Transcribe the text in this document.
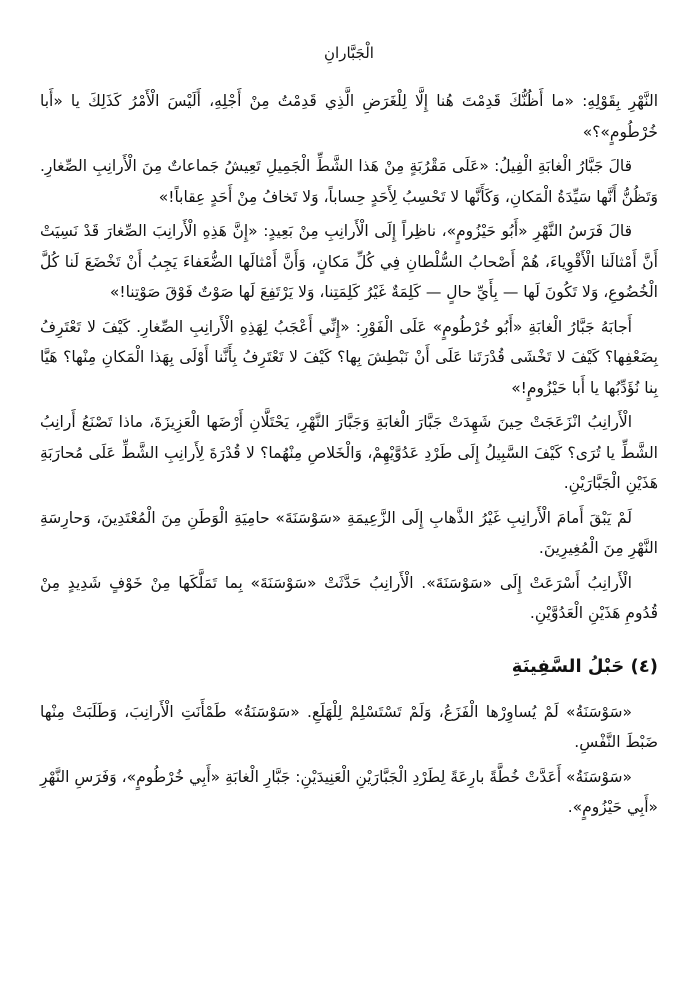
الْجَبَّارانِ

النَّهْرِ بِقَوْلِهِ: «ما أَظُنُّكَ قَدِمْتَ هُنا إِلَّا لِلْغَرَضِ الَّذِي قَدِمْتُ مِنْ أَجْلِهِ، أَلَيْسَ الْأَمْرُ كَذَلِكَ يا «أَبا خُرْطُومٍ»؟»

قالَ جَبَّارُ الْغابَةِ الْفِيلُ: «عَلَى مَقْرُبَةٍ مِنْ هَذا الشَّطِّ الْجَمِيلِ تَعِيشُ جَماعاتٌ مِنَ الْأَرانِبِ الصِّغارِ. وَتَظُنُّ أَنَّها سَيِّدَةُ الْمَكانِ، وَكَأَنَّها لا تَحْسِبُ لِأَحَدٍ حِساباً، وَلا تَخافُ مِنْ أَحَدٍ عِقاباً!»

قالَ فَرَسُ النَّهْرِ «أَبُو حَيْزُومٍ»، ناظِراً إِلَى الْأَرانِبِ مِنْ بَعِيدٍ: «إِنَّ هَذِهِ الْأَرانِبَ الصِّغارَ قَدْ نَسِيَتْ أَنَّ أَمْثالَنا الْأَقْوِياءَ، هُمْ أَصْحابُ السُّلْطانِ فِي كُلِّ مَكانٍ، وَأَنَّ أَمْثالَها الضُّعَفاءَ يَجِبُ أَنْ تَخْضَعَ لَنا كُلَّ الْخُضُوعِ، وَلا تَكُونَ لَها — بِأَيِّ حالٍ — كَلِمَةٌ غَيْرُ كَلِمَتِنا، وَلا يَرْتَفِعَ لَها صَوْتٌ فَوْقَ صَوْتِنا!»

أَجابَهُ جَبَّارُ الْغابَةِ «أَبُو خُرْطُومٍ» عَلَى الْفَوْرِ: «إِنِّي أَعْجَبُ لِهَذِهِ الْأَرانِبِ الصِّغارِ. كَيْفَ لا تَعْتَرِفُ بِضَعْفِها؟ كَيْفَ لا تَخْشَى قُدْرَتَنا عَلَى أَنْ نَبْطِشَ بِها؟ كَيْفَ لا تَعْتَرِفُ بِأَنَّنا أَوْلَى بِهَذا الْمَكانِ مِنْها؟ هَيَّا بِنا نُؤَدِّبُها يا أَبا حَيْزُومٍ!»

الْأَرانِبُ انْزَعَجَتْ حِينَ شَهِدَتْ جَبَّارَ الْغابَةِ وَجَبَّارَ النَّهْرِ، يَحْتَلَّانِ أَرْضَها الْعَزِيزَةَ، ماذا تَصْنَعُ أَرانِبُ الشَّطِّ يا تُرَى؟ كَيْفَ السَّبِيلُ إِلَى طَرْدِ عَدُوَّيْهِمْ، وَالْخَلاصِ مِنْهُما؟ لا قُدْرَةَ لِأَرانِبِ الشَّطِّ عَلَى مُحارَبَةِ هَذَيْنِ الْجَبَّارَيْنِ.

لَمْ يَبْقَ أَمامَ الْأَرانِبِ غَيْرُ الذَّهابِ إِلَى الزَّعِيمَةِ «سَوْسَنَةَ» حامِيَةِ الْوَطَنِ مِنَ الْمُعْتَدِينَ، وَحارِسَةِ النَّهْرِ مِنَ الْمُغِيرِينَ.

الْأَرانِبُ أَسْرَعَتْ إِلَى «سَوْسَنَةَ». الْأَرانِبُ حَدَّثَتْ «سَوْسَنَةَ» بِما تَمَلَّكَها مِنْ خَوْفٍ شَدِيدٍ مِنْ قُدُومِ هَذَيْنِ الْعَدُوَّيْنِ.

(٤) حَبْلُ السَّفِينَةِ

«سَوْسَنَةُ» لَمْ يُساوِرْها الْفَزَعُ، وَلَمْ تَسْتَسْلِمْ لِلْهَلَعِ. «سَوْسَنَةُ» طَمْأَنَتِ الْأَرانِبَ، وَطَلَبَتْ مِنْها ضَبْطَ النَّفْسِ.

«سَوْسَنَةُ» أَعَدَّتْ خُطَّةً بارِعَةً لِطَرْدِ الْجَبَّارَيْنِ الْعَنِيدَيْنِ: جَبَّارِ الْغابَةِ «أَبِي خُرْطُومٍ»، وَفَرَسِ النَّهْرِ «أَبِي حَيْزُومٍ».
